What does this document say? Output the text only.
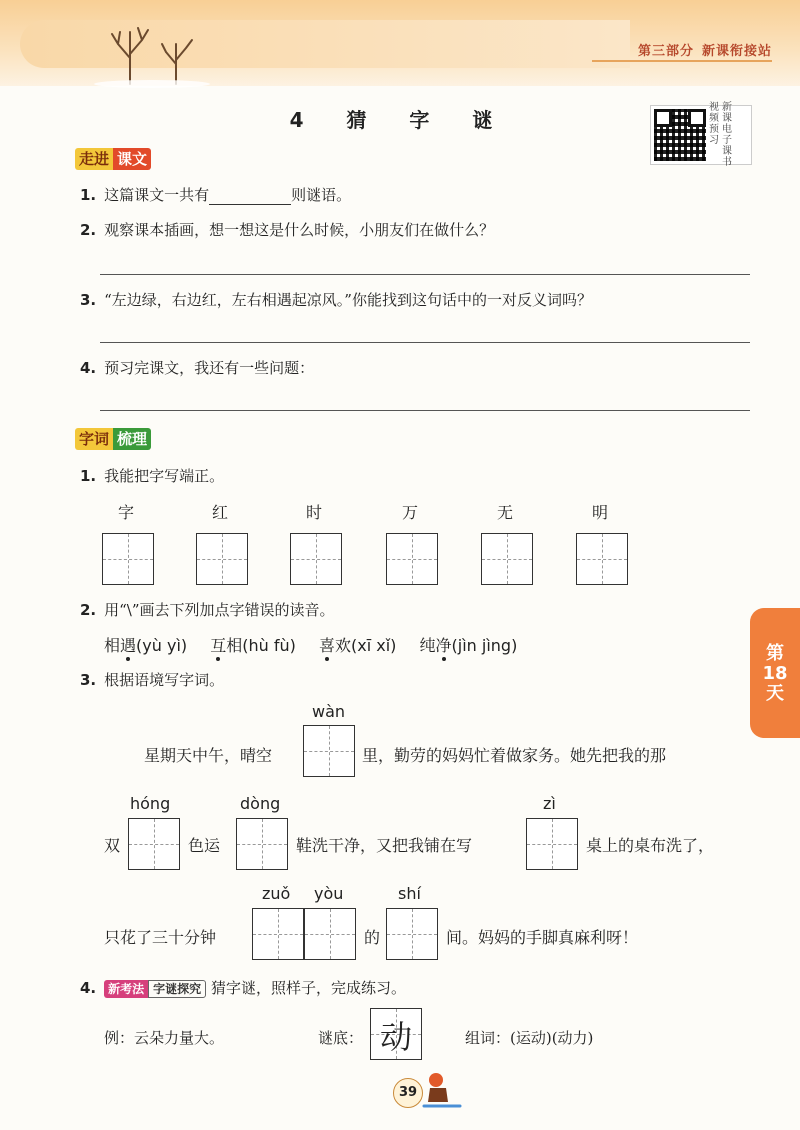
第三部分 新课衔接站
4 猜 字 谜
视频预习
新课电子课书
走进 课文
1. 这篇课文一共有	则谜语。
2. 观察课本插画，想一想这是什么时候，小朋友们在做什么？
3. “左边绿，右边红，左右相遇起凉风。”你能找到这句话中的一对反义词吗？
4. 预习完课文，我还有一些问题：
字词 梳理
1. 我能把字写端正。
字	红	时	万	无	明
2. 用“\”画去下列加点字错误的读音。
相遇(yù yì) 互相(hù fù) 喜欢(xī xǐ) 纯净(jìn jìng)
3. 根据语境写字词。
wàn
星期天中午，晴空	里，勤劳的妈妈忙着做家务。她先把我的那
hóng	dòng	zì
双	色运	鞋洗干净，又把我铺在写	桌上的桌布洗了，
zuǒ yòu	shí
只花了三十分钟	的	间。妈妈的手脚真麻利呀！
4. 新考法 字谜探究 猜字谜，照样子，完成练习。
例：云朵力量大。	谜底： 动	组词：(运动)(动力)
第
18
天
39
